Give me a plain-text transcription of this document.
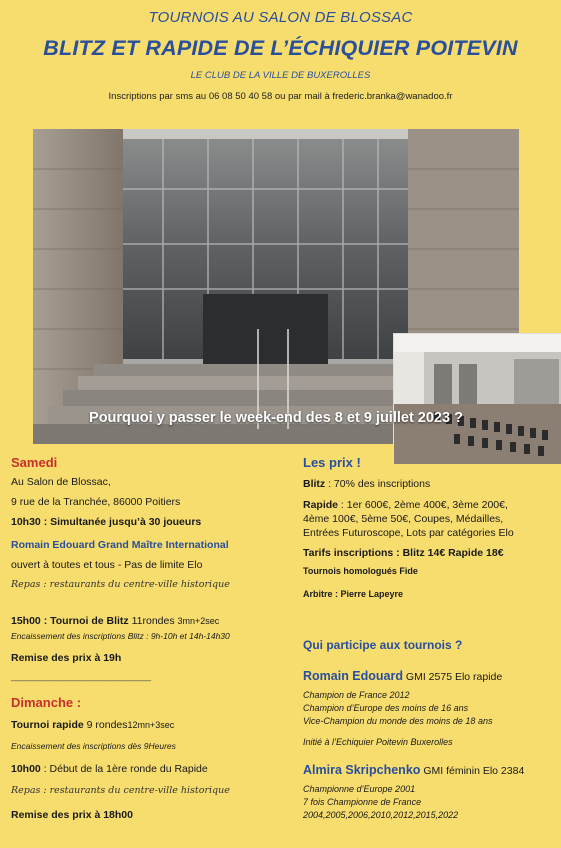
TOURNOIS AU SALON DE BLOSSAC
BLITZ ET RAPIDE DE L’ÉCHIQUIER POITEVIN
LE CLUB DE LA VILLE DE BUXEROLLES
Inscriptions par sms au 06 08 50 40 58 ou par mail à frederic.branka@wanadoo.fr
Pourquoi y passer le week-end des 8 et 9 juillet 2023 ?
Samedi
Au Salon de Blossac,
9 rue de la Tranchée, 86000 Poitiers
10h30 : Simultanée jusqu’à 30 joueurs
Romain Edouard Grand Maître International
ouvert à toutes et tous - Pas de limite Elo
Repas : restaurants du centre-ville historique
15h00 : Tournoi de Blitz 11rondes 3mn+2sec
Encaissement des inscriptions Blitz : 9h-10h et 14h-14h30
Remise des prix à 19h
________________________
Dimanche :
Tournoi rapide 9 rondes12mn+3sec
Encaissement des inscriptions dès 9Heures
10h00 : Début de la 1ère ronde du Rapide
Repas : restaurants du centre-ville historique
Remise des prix à 18h00
Les prix !
Blitz : 70% des inscriptions
Rapide : 1er 600€, 2ème 400€, 3ème 200€,
4ème 100€, 5ème 50€, Coupes, Médailles,
Entrées Futuroscope, Lots par catégories Elo
Tarifs inscriptions : Blitz 14€ Rapide 18€
Tournois homologués Fide
Arbitre : Pierre Lapeyre
Qui participe aux tournois ?
Romain Edouard GMI 2575 Elo rapide
Champion de France 2012
Champion d’Europe des moins de 16 ans
Vice-Champion du monde des moins de 18 ans
Initié à l’Echiquier Poitevin Buxerolles
Almira Skripchenko GMI féminin Elo 2384
Championne d’Europe 2001
7 fois Championne de France
2004,2005,2006,2010,2012,2015,2022
